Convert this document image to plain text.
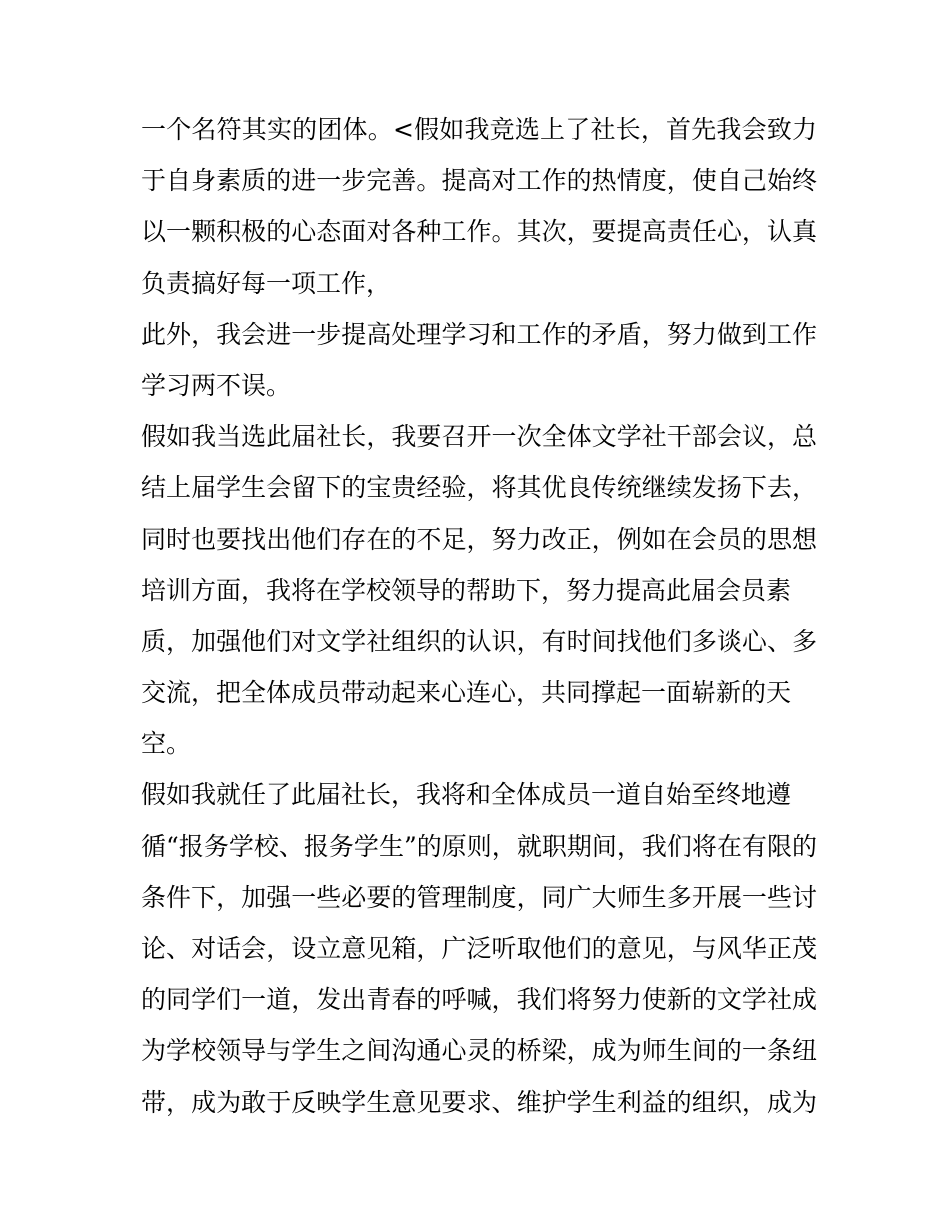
一个名符其实的团体。<假如我竞选上了社长，首先我会致力
于自身素质的进一步完善。提高对工作的热情度，使自己始终
以一颗积极的心态面对各种工作。其次，要提高责任心，认真
负责搞好每一项工作，
此外，我会进一步提高处理学习和工作的矛盾，努力做到工作
学习两不误。
假如我当选此届社长，我要召开一次全体文学社干部会议，总
结上届学生会留下的宝贵经验，将其优良传统继续发扬下去，
同时也要找出他们存在的不足，努力改正，例如在会员的思想
培训方面，我将在学校领导的帮助下，努力提高此届会员素
质，加强他们对文学社组织的认识，有时间找他们多谈心、多
交流，把全体成员带动起来心连心，共同撑起一面崭新的天
空。
假如我就任了此届社长，我将和全体成员一道自始至终地遵
循“报务学校、报务学生”的原则，就职期间，我们将在有限的
条件下，加强一些必要的管理制度，同广大师生多开展一些讨
论、对话会，设立意见箱，广泛听取他们的意见，与风华正茂
的同学们一道，发出青春的呼喊，我们将努力使新的文学社成
为学校领导与学生之间沟通心灵的桥梁，成为师生间的一条纽
带，成为敢于反映学生意见要求、维护学生利益的组织，成为
